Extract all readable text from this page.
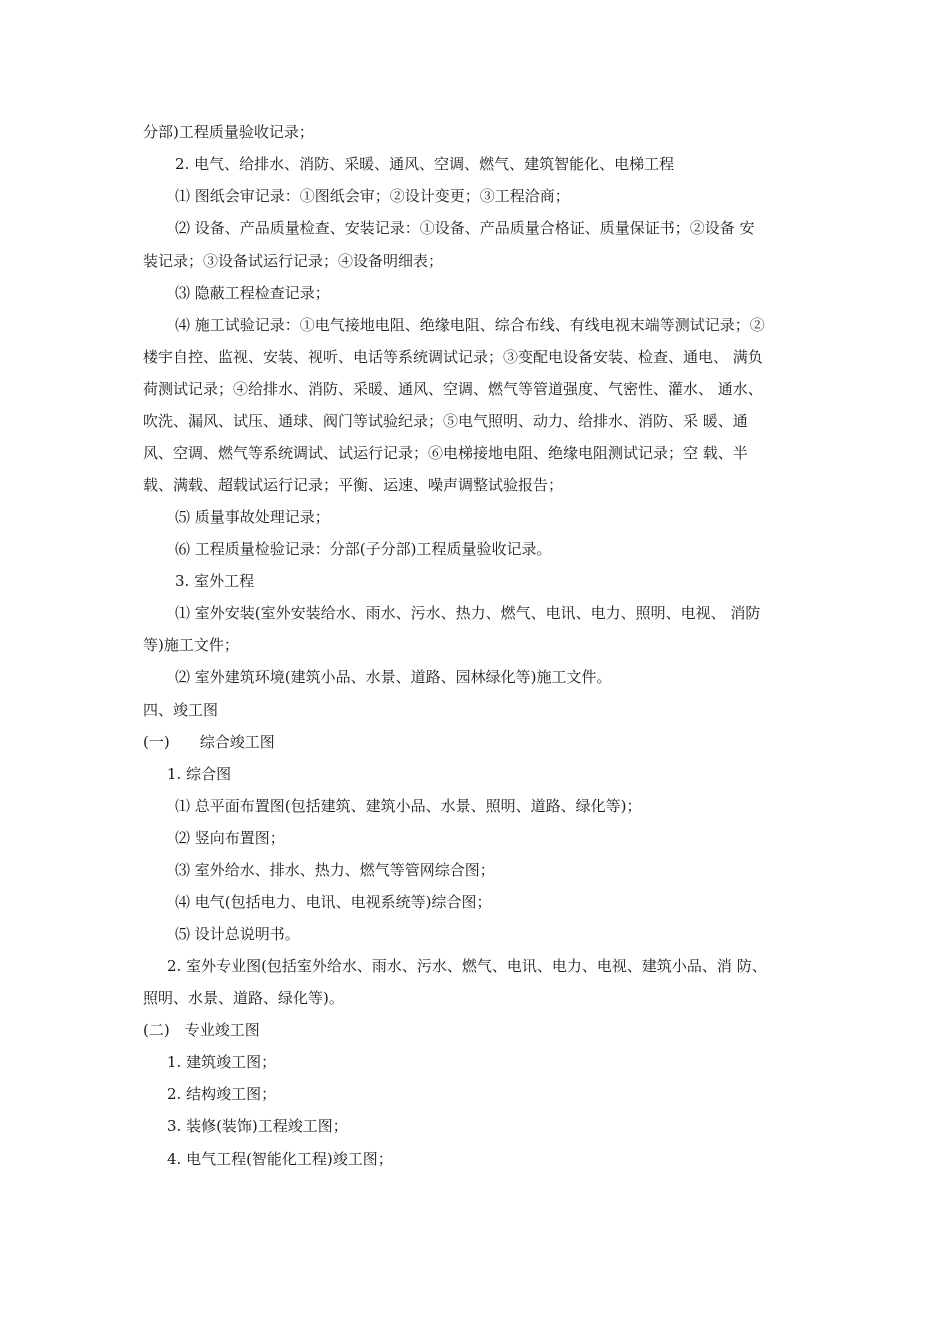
分部)工程质量验收记录；
2. 电气、给排水、消防、采暖、通风、空调、燃气、建筑智能化、电梯工程
⑴ 图纸会审记录：①图纸会审；②设计变更；③工程洽商；
⑵ 设备、产品质量检查、安装记录：①设备、产品质量合格证、质量保证书；②设备 安
装记录；③设备试运行记录；④设备明细表；
⑶ 隐蔽工程检查记录；
⑷ 施工试验记录：①电气接地电阻、绝缘电阻、综合布线、有线电视末端等测试记录；②
楼宇自控、监视、安装、视听、电话等系统调试记录；③变配电设备安装、检查、通电、 满负
荷测试记录；④给排水、消防、采暖、通风、空调、燃气等管道强度、气密性、灌水、 通水、
吹洗、漏风、试压、通球、阀门等试验纪录；⑤电气照明、动力、给排水、消防、采 暖、通
风、空调、燃气等系统调试、试运行记录；⑥电梯接地电阻、绝缘电阻测试记录；空 载、半
载、满载、超载试运行记录；平衡、运速、噪声调整试验报告；
⑸ 质量事故处理记录；
⑹ 工程质量检验记录：分部(子分部)工程质量验收记录。
3. 室外工程
⑴ 室外安装(室外安装给水、雨水、污水、热力、燃气、电讯、电力、照明、电视、 消防
等)施工文件；
⑵ 室外建筑环境(建筑小品、水景、道路、园林绿化等)施工文件。
四、竣工图
(一)　　综合竣工图
1. 综合图
⑴ 总平面布置图(包括建筑、建筑小品、水景、照明、道路、绿化等)；
⑵ 竖向布置图；
⑶ 室外给水、排水、热力、燃气等管网综合图；
⑷ 电气(包括电力、电讯、电视系统等)综合图；
⑸ 设计总说明书。
2. 室外专业图(包括室外给水、雨水、污水、燃气、电讯、电力、电视、建筑小品、消 防、
照明、水景、道路、绿化等)。
(二)　专业竣工图
1. 建筑竣工图；
2. 结构竣工图；
3. 装修(装饰)工程竣工图；
4. 电气工程(智能化工程)竣工图；
